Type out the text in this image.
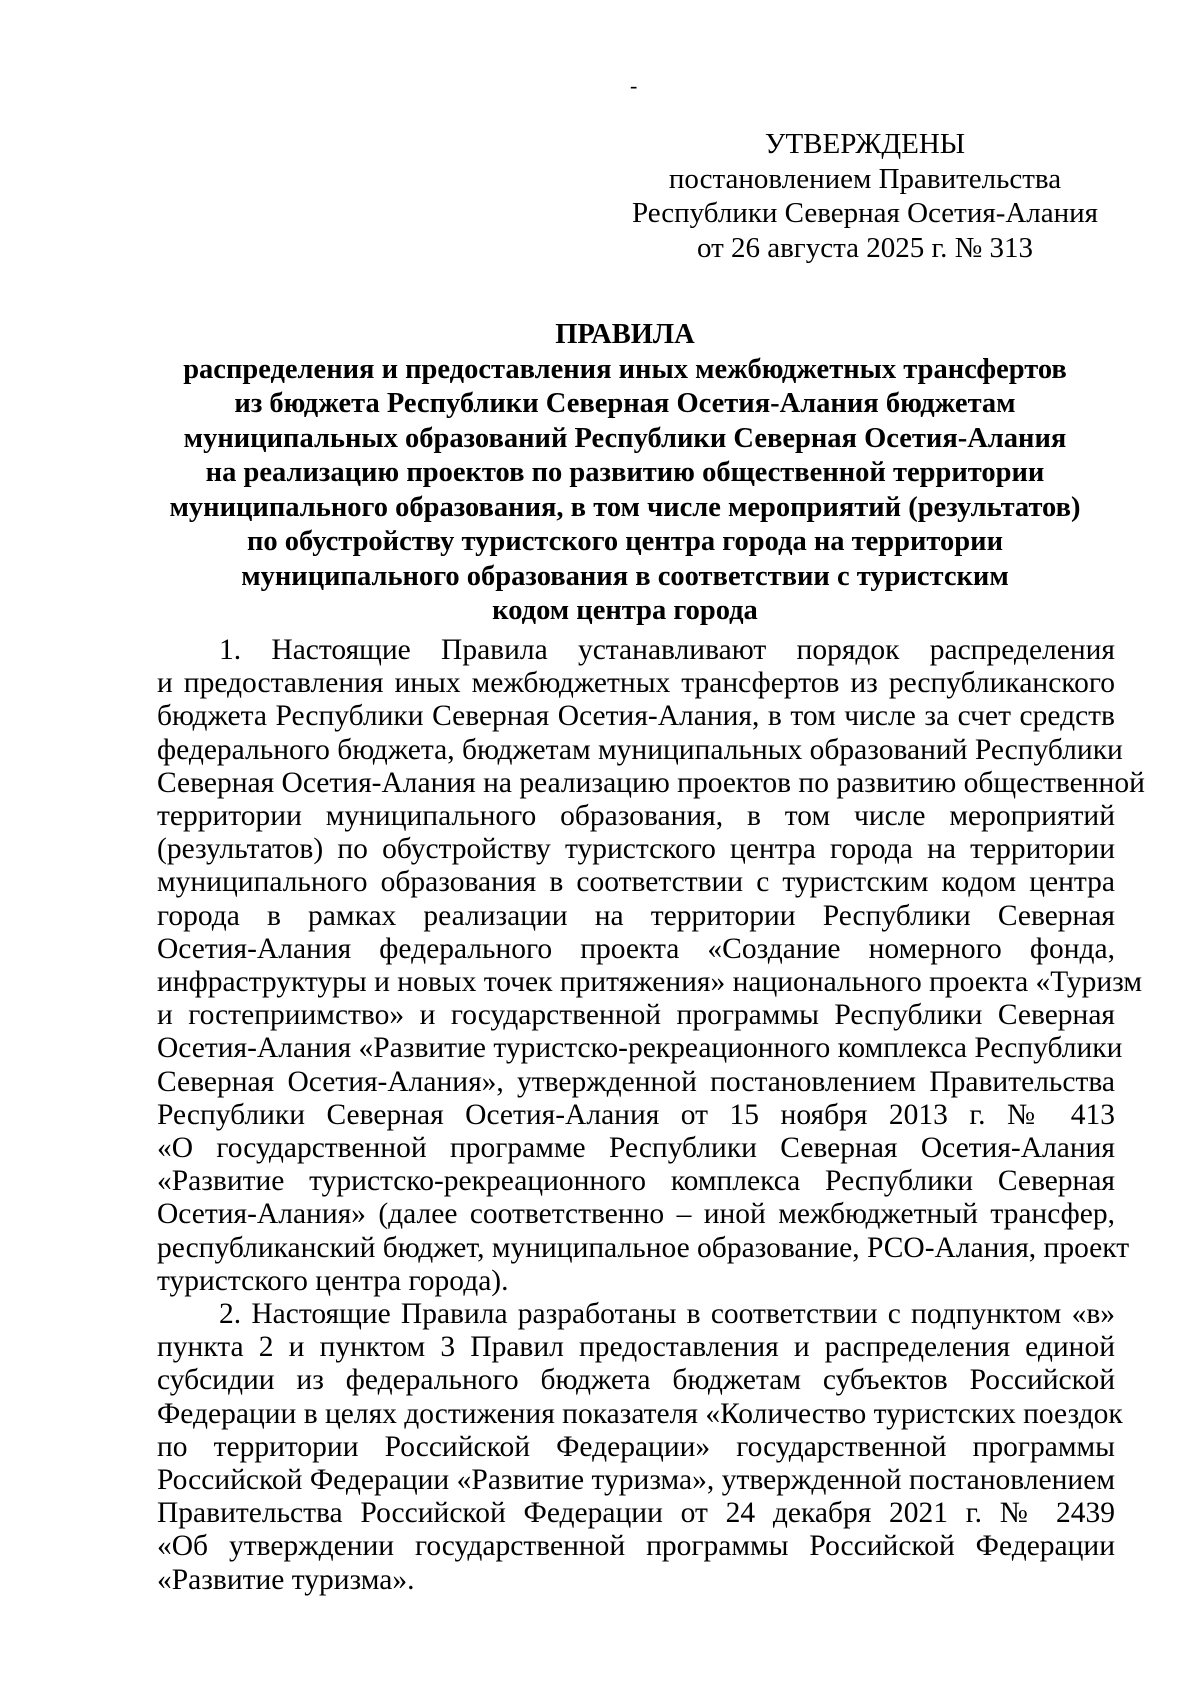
-
УТВЕРЖДЕНЫ
постановлением Правительства
Республики Северная Осетия-Алания
от 26 августа 2025 г. № 313
ПРАВИЛА
распределения и предоставления иных межбюджетных трансфертов
из бюджета Республики Северная Осетия-Алания бюджетам
муниципальных образований Республики Северная Осетия-Алания
на реализацию проектов по развитию общественной территории
муниципального образования, в том числе мероприятий (результатов)
по обустройству туристского центра города на территории
муниципального образования в соответствии с туристским
кодом центра города
1. Настоящие Правила устанавливают порядок распределения
и предоставления иных межбюджетных трансфертов из республиканского
бюджета Республики Северная Осетия-Алания, в том числе за счет средств
федерального бюджета, бюджетам муниципальных образований Республики
Северная Осетия-Алания на реализацию проектов по развитию общественной
территории муниципального образования, в том числе мероприятий
(результатов) по обустройству туристского центра города на территории
муниципального образования в соответствии с туристским кодом центра
города в рамках реализации на территории Республики Северная
Осетия-Алания федерального проекта «Создание номерного фонда,
инфраструктуры и новых точек притяжения» национального проекта «Туризм
и гостеприимство» и государственной программы Республики Северная
Осетия-Алания «Развитие туристско-рекреационного комплекса Республики
Северная Осетия-Алания», утвержденной постановлением Правительства
Республики Северная Осетия-Алания от 15 ноября 2013 г. № 413
«О государственной программе Республики Северная Осетия-Алания
«Развитие туристско-рекреационного комплекса Республики Северная
Осетия-Алания» (далее соответственно – иной межбюджетный трансфер,
республиканский бюджет, муниципальное образование, РСО-Алания, проект
туристского центра города).
2. Настоящие Правила разработаны в соответствии с подпунктом «в»
пункта 2 и пунктом 3 Правил предоставления и распределения единой
субсидии из федерального бюджета бюджетам субъектов Российской
Федерации в целях достижения показателя «Количество туристских поездок
по территории Российской Федерации» государственной программы
Российской Федерации «Развитие туризма», утвержденной постановлением
Правительства Российской Федерации от 24 декабря 2021 г. № 2439
«Об утверждении государственной программы Российской Федерации
«Развитие туризма».
